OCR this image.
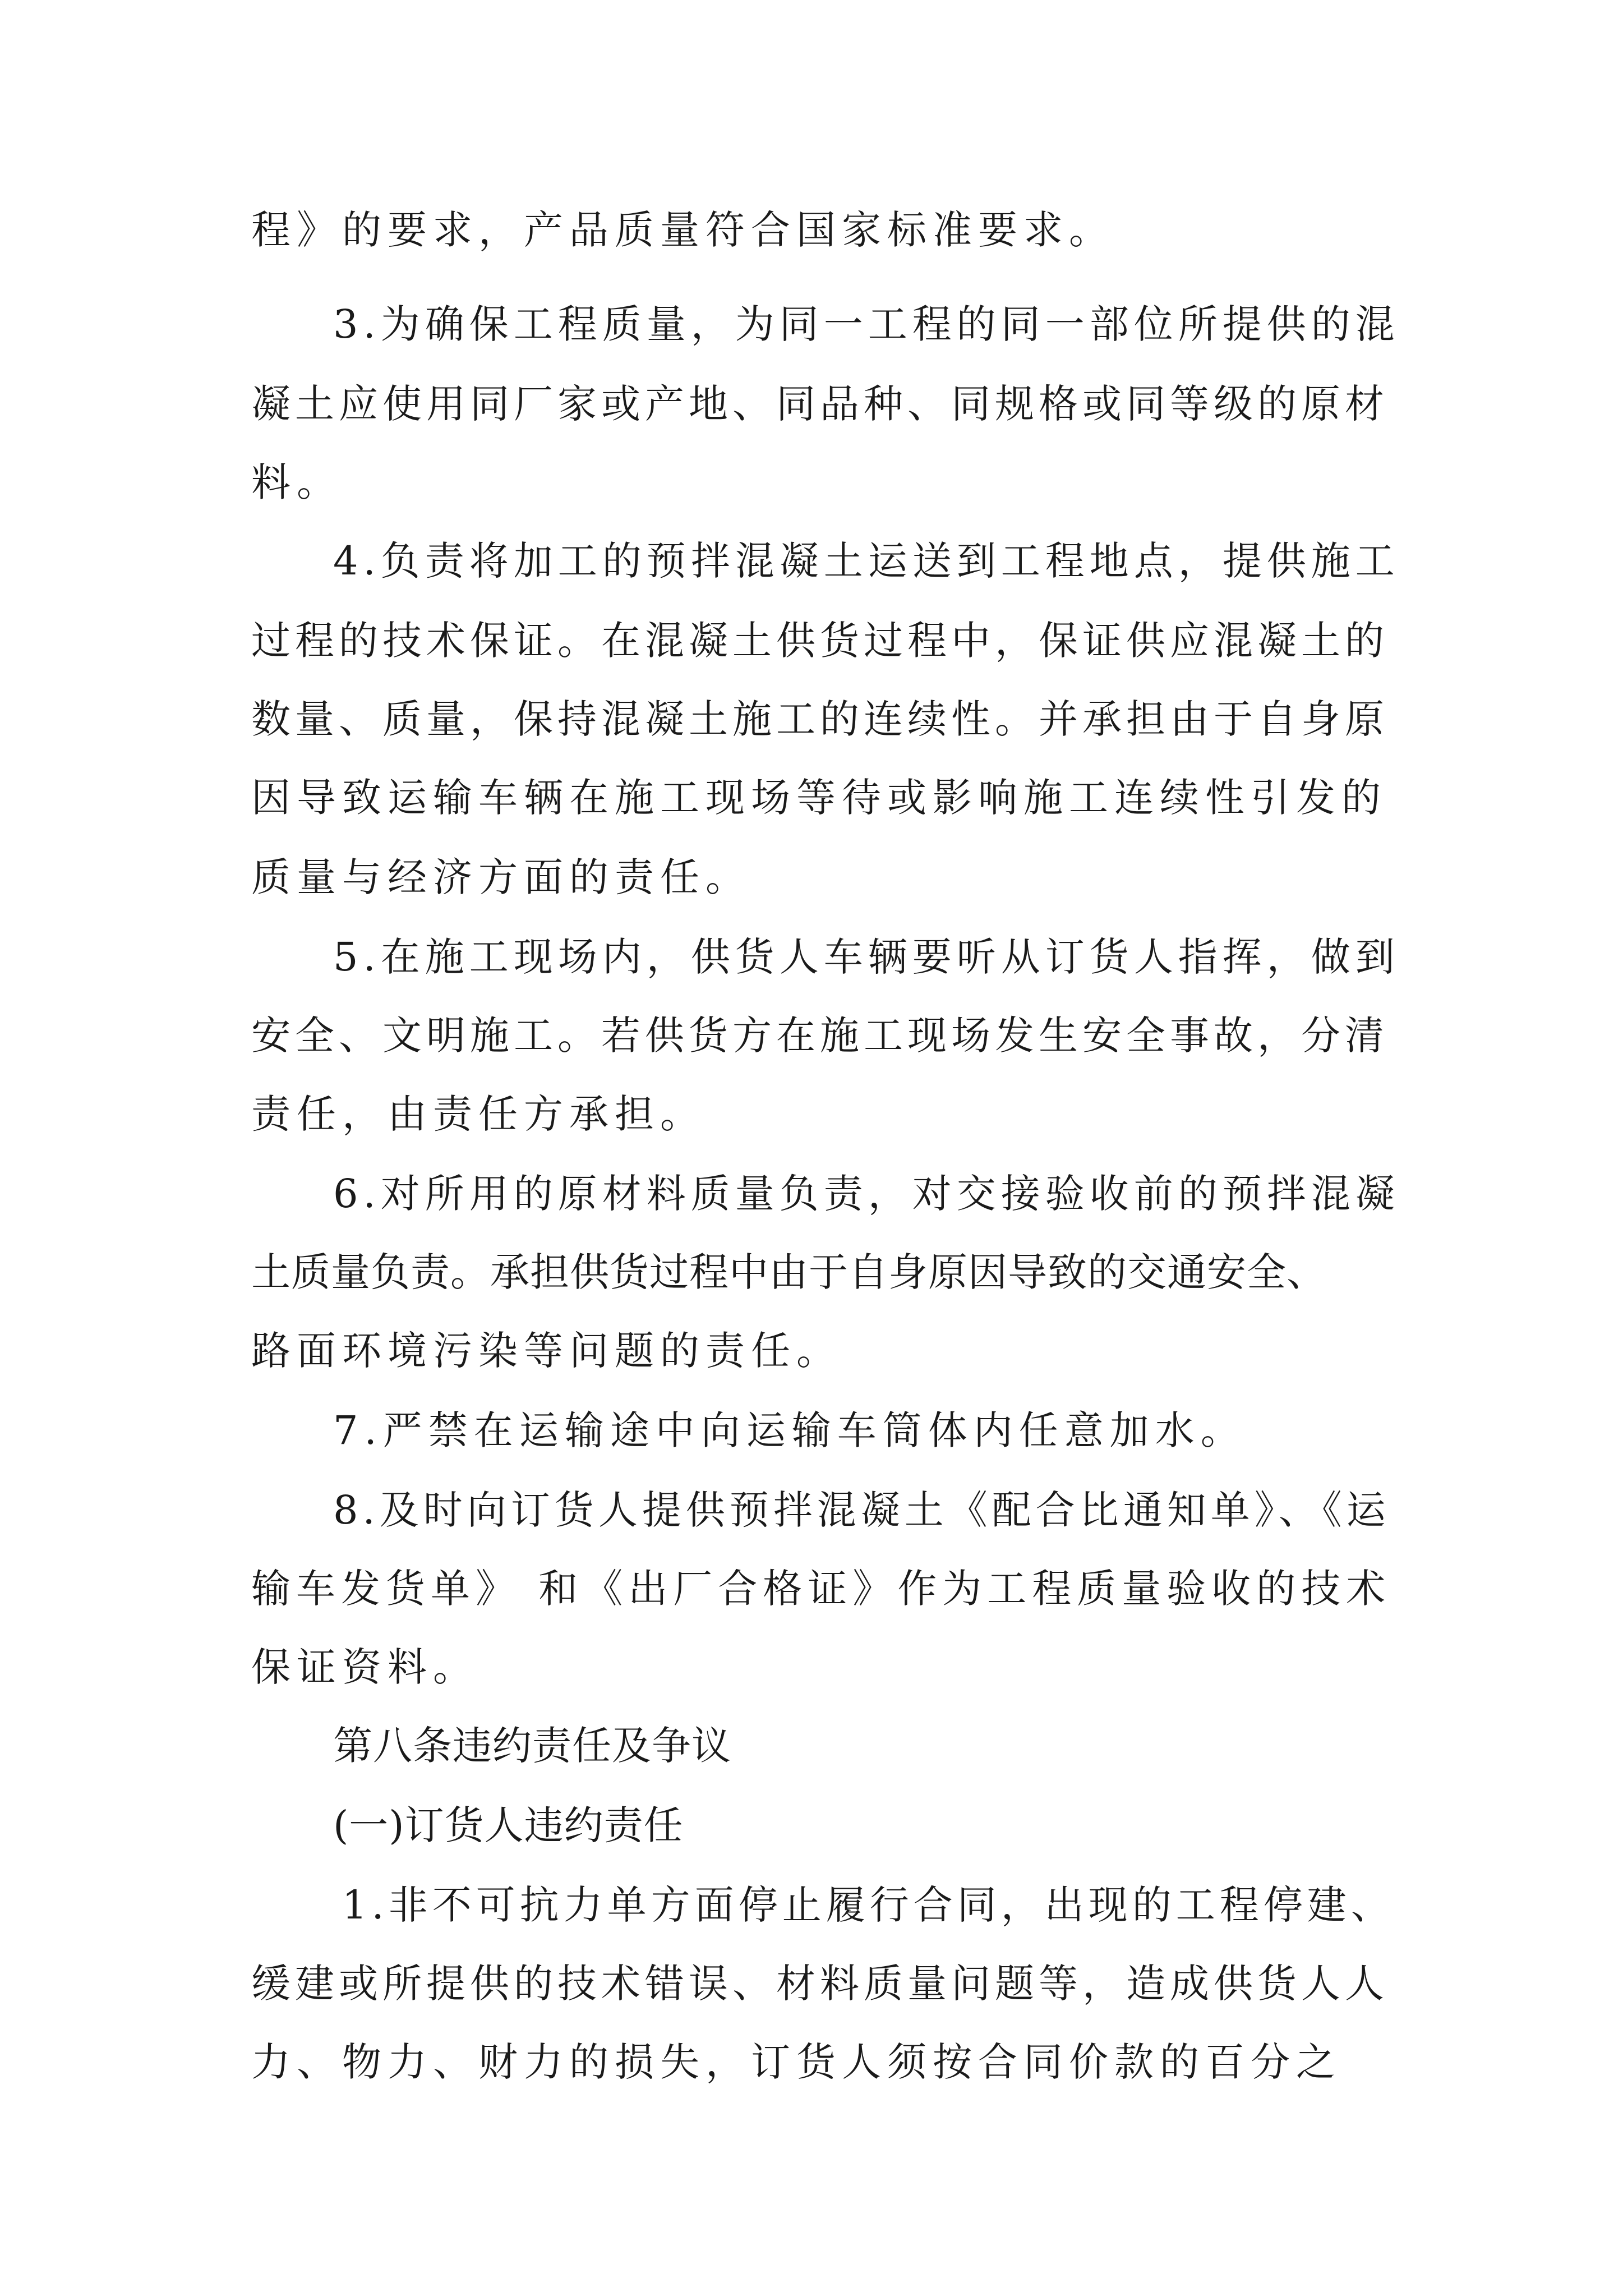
程》的要求，产品质量符合国家标准要求。
3.为确保工程质量，为同一工程的同一部位所提供的混
凝土应使用同厂家或产地、同品种、同规格或同等级的原材
料。
4.负责将加工的预拌混凝土运送到工程地点，提供施工
过程的技术保证。在混凝土供货过程中，保证供应混凝土的
数量、质量，保持混凝土施工的连续性。并承担由于自身原
因导致运输车辆在施工现场等待或影响施工连续性引发的
质量与经济方面的责任。
5.在施工现场内，供货人车辆要听从订货人指挥，做到
安全、文明施工。若供货方在施工现场发生安全事故，分清
责任，由责任方承担。
6.对所用的原材料质量负责，对交接验收前的预拌混凝
土质量负责。承担供货过程中由于自身原因导致的交通安全、
路面环境污染等问题的责任。
7.严禁在运输途中向运输车筒体内任意加水。
8.及时向订货人提供预拌混凝土《配合比通知单》、《运
输车发货单》 和《出厂合格证》作为工程质量验收的技术
保证资料。
第八条违约责任及争议
(一)订货人违约责任
1.非不可抗力单方面停止履行合同，出现的工程停建、
缓建或所提供的技术错误、材料质量问题等，造成供货人人
力、物力、财力的损失，订货人须按合同价款的百分之
